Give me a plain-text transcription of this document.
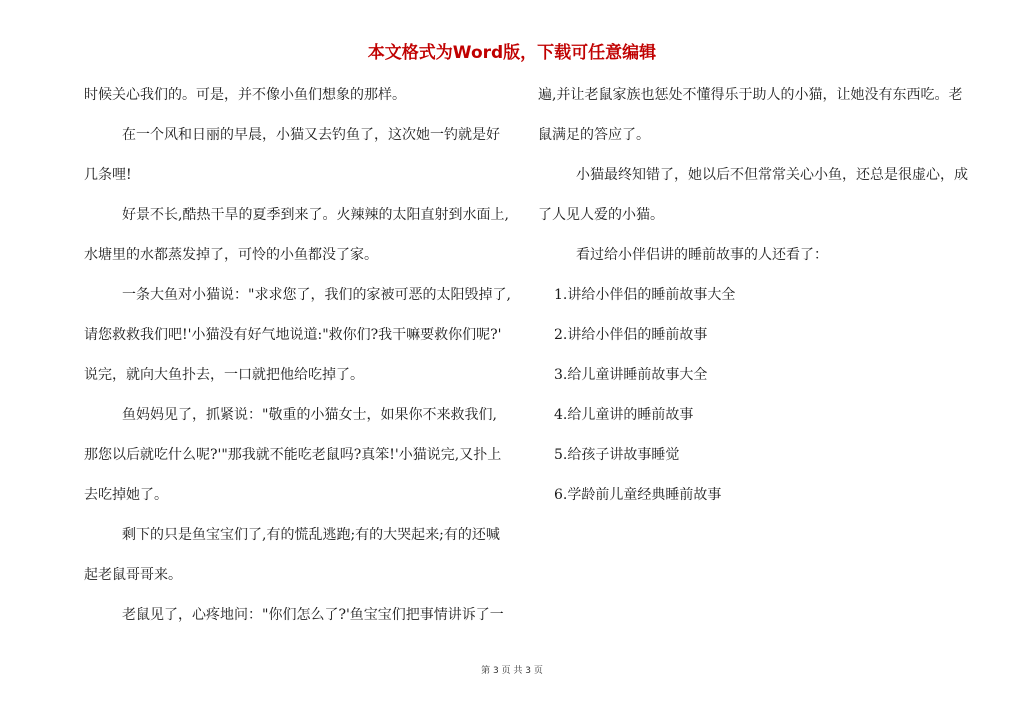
本文格式为Word版，下载可任意编辑
时候关心我们的。可是，并不像小鱼们想象的那样。
在一个风和日丽的早晨，小猫又去钓鱼了，这次她一钓就是好
几条哩!
好景不长,酷热干旱的夏季到来了。火辣辣的太阳直射到水面上,
水塘里的水都蒸发掉了，可怜的小鱼都没了家。
一条大鱼对小猫说："求求您了，我们的家被可恶的太阳毁掉了,
请您救救我们吧!'小猫没有好气地说道:"救你们?我干嘛要救你们呢?'
说完，就向大鱼扑去，一口就把他给吃掉了。
鱼妈妈见了，抓紧说："敬重的小猫女士，如果你不来救我们,
那您以后就吃什么呢?'"那我就不能吃老鼠吗?真笨!'小猫说完,又扑上
去吃掉她了。
剩下的只是鱼宝宝们了,有的慌乱逃跑;有的大哭起来;有的还喊
起老鼠哥哥来。
老鼠见了，心疼地问："你们怎么了?'鱼宝宝们把事情讲诉了一
遍,并让老鼠家族也惩处不懂得乐于助人的小猫，让她没有东西吃。老
鼠满足的答应了。
小猫最终知错了，她以后不但常常关心小鱼，还总是很虚心，成
了人见人爱的小猫。
看过给小伴侣讲的睡前故事的人还看了：
1.讲给小伴侣的睡前故事大全
2.讲给小伴侣的睡前故事
3.给儿童讲睡前故事大全
4.给儿童讲的睡前故事
5.给孩子讲故事睡觉
6.学龄前儿童经典睡前故事
第 3 页 共 3 页
